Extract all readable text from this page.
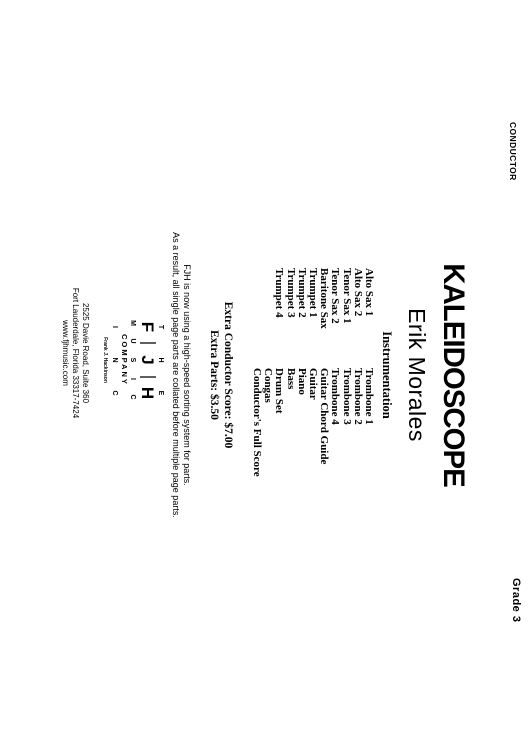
CONDUCTOR
Grade 3
KALEIDOSCOPE
Erik Morales
Instrumentation
Alto Sax 1
Alto Sax 2
Tenor Sax 1
Tenor Sax 2
Baritone Sax
Trumpet 1
Trumpet 2
Trumpet 3
Trumpet 4
Trombone 1
Trombone 2
Trombone 3
Trombone 4
Guitar Chord Guide
Guitar
Piano
Bass
Drum Set
Congas
Conductor's Full Score
Extra Conductor Score: $7.00
Extra Parts: $3.50
FJH is now using a high-speed sorting system for parts.
As a result, all single page parts are collated before multiple page parts.
T
H
E
F
J
H
M
U
S
I
C
COMPANY
I
N
C
Frank J. Hackinson
2525 Davie Road, Suite 360
Fort Lauderdale, Florida 33317-7424
www.fjhmusic.com
